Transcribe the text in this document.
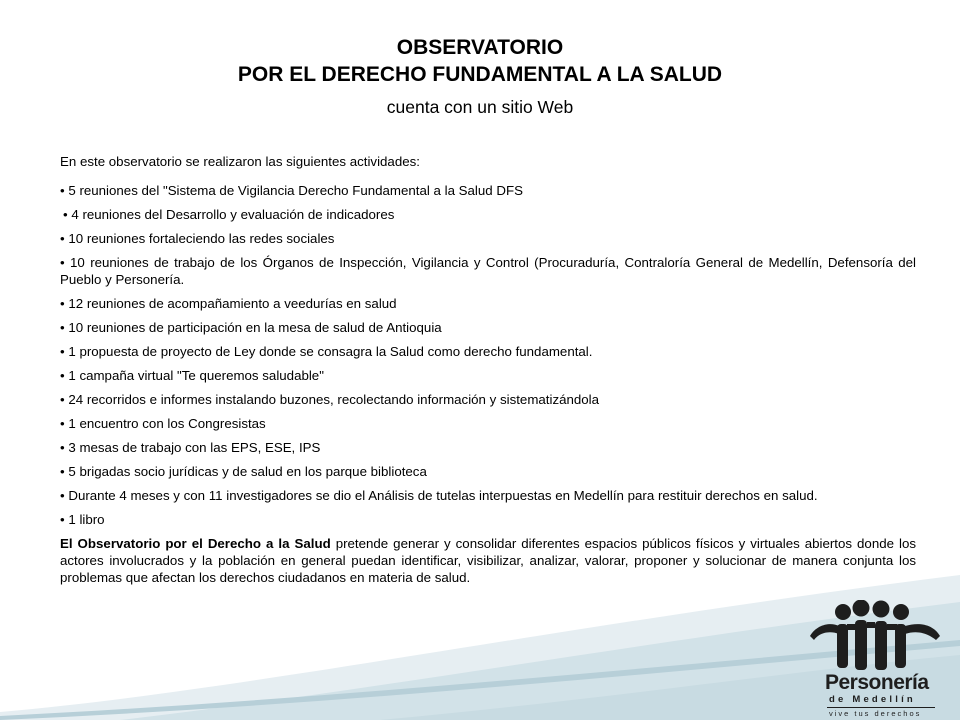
OBSERVATORIO
POR EL DERECHO FUNDAMENTAL A LA SALUD
cuenta con un sitio Web

En este observatorio se realizaron las siguientes actividades:

• 5 reuniones del "Sistema de Vigilancia Derecho Fundamental a la Salud DFS
• 4 reuniones del Desarrollo y evaluación de indicadores
• 10 reuniones fortaleciendo las redes sociales
• 10 reuniones de trabajo de los Órganos de Inspección, Vigilancia y Control (Procuraduría, Contraloría General de Medellín, Defensoría del Pueblo y Personería.
• 12 reuniones de acompañamiento a veedurías en salud
• 10 reuniones de participación en la mesa de salud de Antioquia
• 1 propuesta de proyecto de Ley donde se consagra la Salud como derecho fundamental.
• 1 campaña virtual "Te queremos saludable"
• 24 recorridos e informes instalando buzones, recolectando información y sistematizándola
• 1 encuentro con los Congresistas
• 3 mesas de trabajo con las EPS, ESE, IPS
• 5 brigadas socio jurídicas y de salud en los parque biblioteca
• Durante 4 meses y con 11 investigadores se dio el Análisis de tutelas interpuestas en Medellín para restituir derechos en salud.
• 1 libro

El Observatorio por el Derecho a la Salud pretende generar y consolidar diferentes espacios públicos físicos y virtuales abiertos donde los actores involucrados y la población en general puedan identificar, visibilizar, analizar, valorar, proponer y solucionar de manera conjunta los problemas que afectan los derechos ciudadanos en materia de salud.

Personería
de Medellín
vive tus derechos
